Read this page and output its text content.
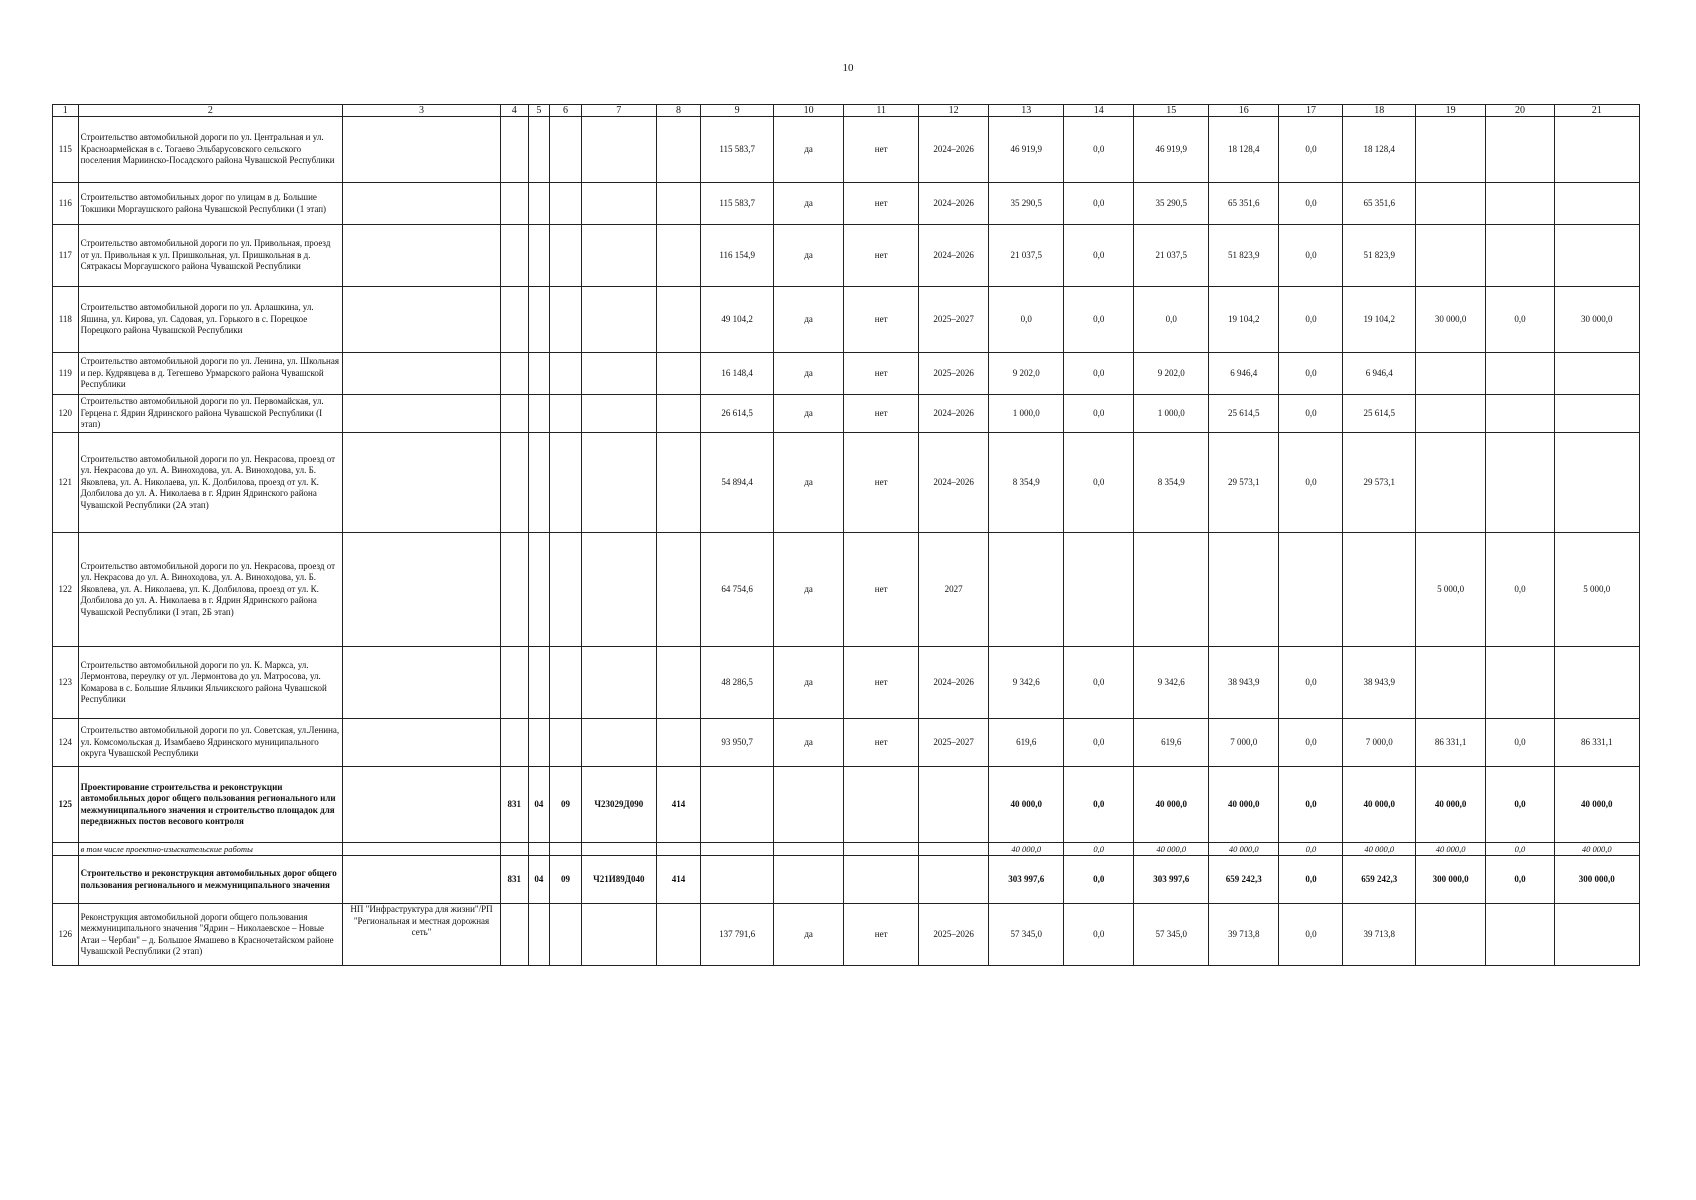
10
1	2	3	4	5	6	7	8	9	10	11	12	13	14	15	16	17	18	19	20	21
115	Строительство автомобильной дороги по ул. Центральная и ул. Красноармейская в с. Тогаево Эльбарусовского сельского поселения Мариинско-Посадского района Чувашской Республики							115 583,7	да	нет	2024–2026	46 919,9	0,0	46 919,9	18 128,4	0,0	18 128,4			
116	Строительство автомобильных дорог по улицам в д. Большие Токшики Моргаушского района Чувашской Республики (1 этап)							115 583,7	да	нет	2024–2026	35 290,5	0,0	35 290,5	65 351,6	0,0	65 351,6			
117	Строительство автомобильной дороги по ул. Привольная, проезд от ул. Привольная к ул. Пришкольная, ул. Пришкольная в д. Сятракасы Моргаушского района Чувашской Республики							116 154,9	да	нет	2024–2026	21 037,5	0,0	21 037,5	51 823,9	0,0	51 823,9			
118	Строительство автомобильной дороги по ул. Арлашкина, ул. Яшина, ул. Кирова, ул. Садовая, ул. Горького в с. Порецкое Порецкого района Чувашской Республики							49 104,2	да	нет	2025–2027	0,0	0,0	0,0	19 104,2	0,0	19 104,2	30 000,0	0,0	30 000,0
119	Строительство автомобильной дороги по ул. Ленина, ул. Школьная и пер. Кудрявцева в д. Тегешево Урмарского района Чувашской Республики							16 148,4	да	нет	2025–2026	9 202,0	0,0	9 202,0	6 946,4	0,0	6 946,4			
120	Строительство автомобильной дороги по ул. Первомайская, ул. Герцена г. Ядрин Ядринского района Чувашской Республики (I этап)							26 614,5	да	нет	2024–2026	1 000,0	0,0	1 000,0	25 614,5	0,0	25 614,5			
121	Строительство автомобильной дороги по ул. Некрасова, проезд от ул. Некрасова до ул. А. Виноходова, ул. А. Виноходова, ул. Б. Яковлева, ул. А. Николаева, ул. К. Долбилова, проезд от ул. К. Долбилова до ул. А. Николаева в г. Ядрин Ядринского района Чувашской Республики (2А этап)							54 894,4	да	нет	2024–2026	8 354,9	0,0	8 354,9	29 573,1	0,0	29 573,1			
122	Строительство автомобильной дороги по ул. Некрасова, проезд от ул. Некрасова до ул. А. Виноходова, ул. А. Виноходова, ул. Б. Яковлева, ул. А. Николаева, ул. К. Долбилова, проезд от ул. К. Долбилова до ул. А. Николаева в г. Ядрин Ядринского района Чувашской Республики (I этап, 2Б этап)							64 754,6	да	нет	2027							5 000,0	0,0	5 000,0
123	Строительство автомобильной дороги по ул. К. Маркса, ул. Лермонтова, переулку от ул. Лермонтова до ул. Матросова, ул. Комарова в с. Большие Яльчики Яльчикского района Чувашской Республики							48 286,5	да	нет	2024–2026	9 342,6	0,0	9 342,6	38 943,9	0,0	38 943,9			
124	Строительство автомобильной дороги по ул. Советская, ул.Ленина, ул. Комсомольская д. Изамбаево Ядринского муниципального округа Чувашской Республики							93 950,7	да	нет	2025–2027	619,6	0,0	619,6	7 000,0	0,0	7 000,0	86 331,1	0,0	86 331,1
125	Проектирование строительства и реконструкции автомобильных дорог общего пользования регионального или межмуниципального значения и строительство площадок для передвижных постов весового контроля		831	04	09	Ч23029Д090	414					40 000,0	0,0	40 000,0	40 000,0	0,0	40 000,0	40 000,0	0,0	40 000,0
	в том числе проектно-изыскательские работы											40 000,0	0,0	40 000,0	40 000,0	0,0	40 000,0	40 000,0	0,0	40 000,0
	Строительство и реконструкция автомобильных дорог общего пользования регионального и межмуниципального значения		831	04	09	Ч21И89Д040	414					303 997,6	0,0	303 997,6	659 242,3	0,0	659 242,3	300 000,0	0,0	300 000,0
126	Реконструкция автомобильной дороги общего пользования межмуниципального значения "Ядрин – Николаевское – Новые Атаи – Чербаи" – д. Большое Ямашево в Красночетайском районе Чувашской Республики (2 этап)	НП "Инфраструктура для жизни"/РП "Региональная и местная дорожная сеть"						137 791,6	да	нет	2025–2026	57 345,0	0,0	57 345,0	39 713,8	0,0	39 713,8			
